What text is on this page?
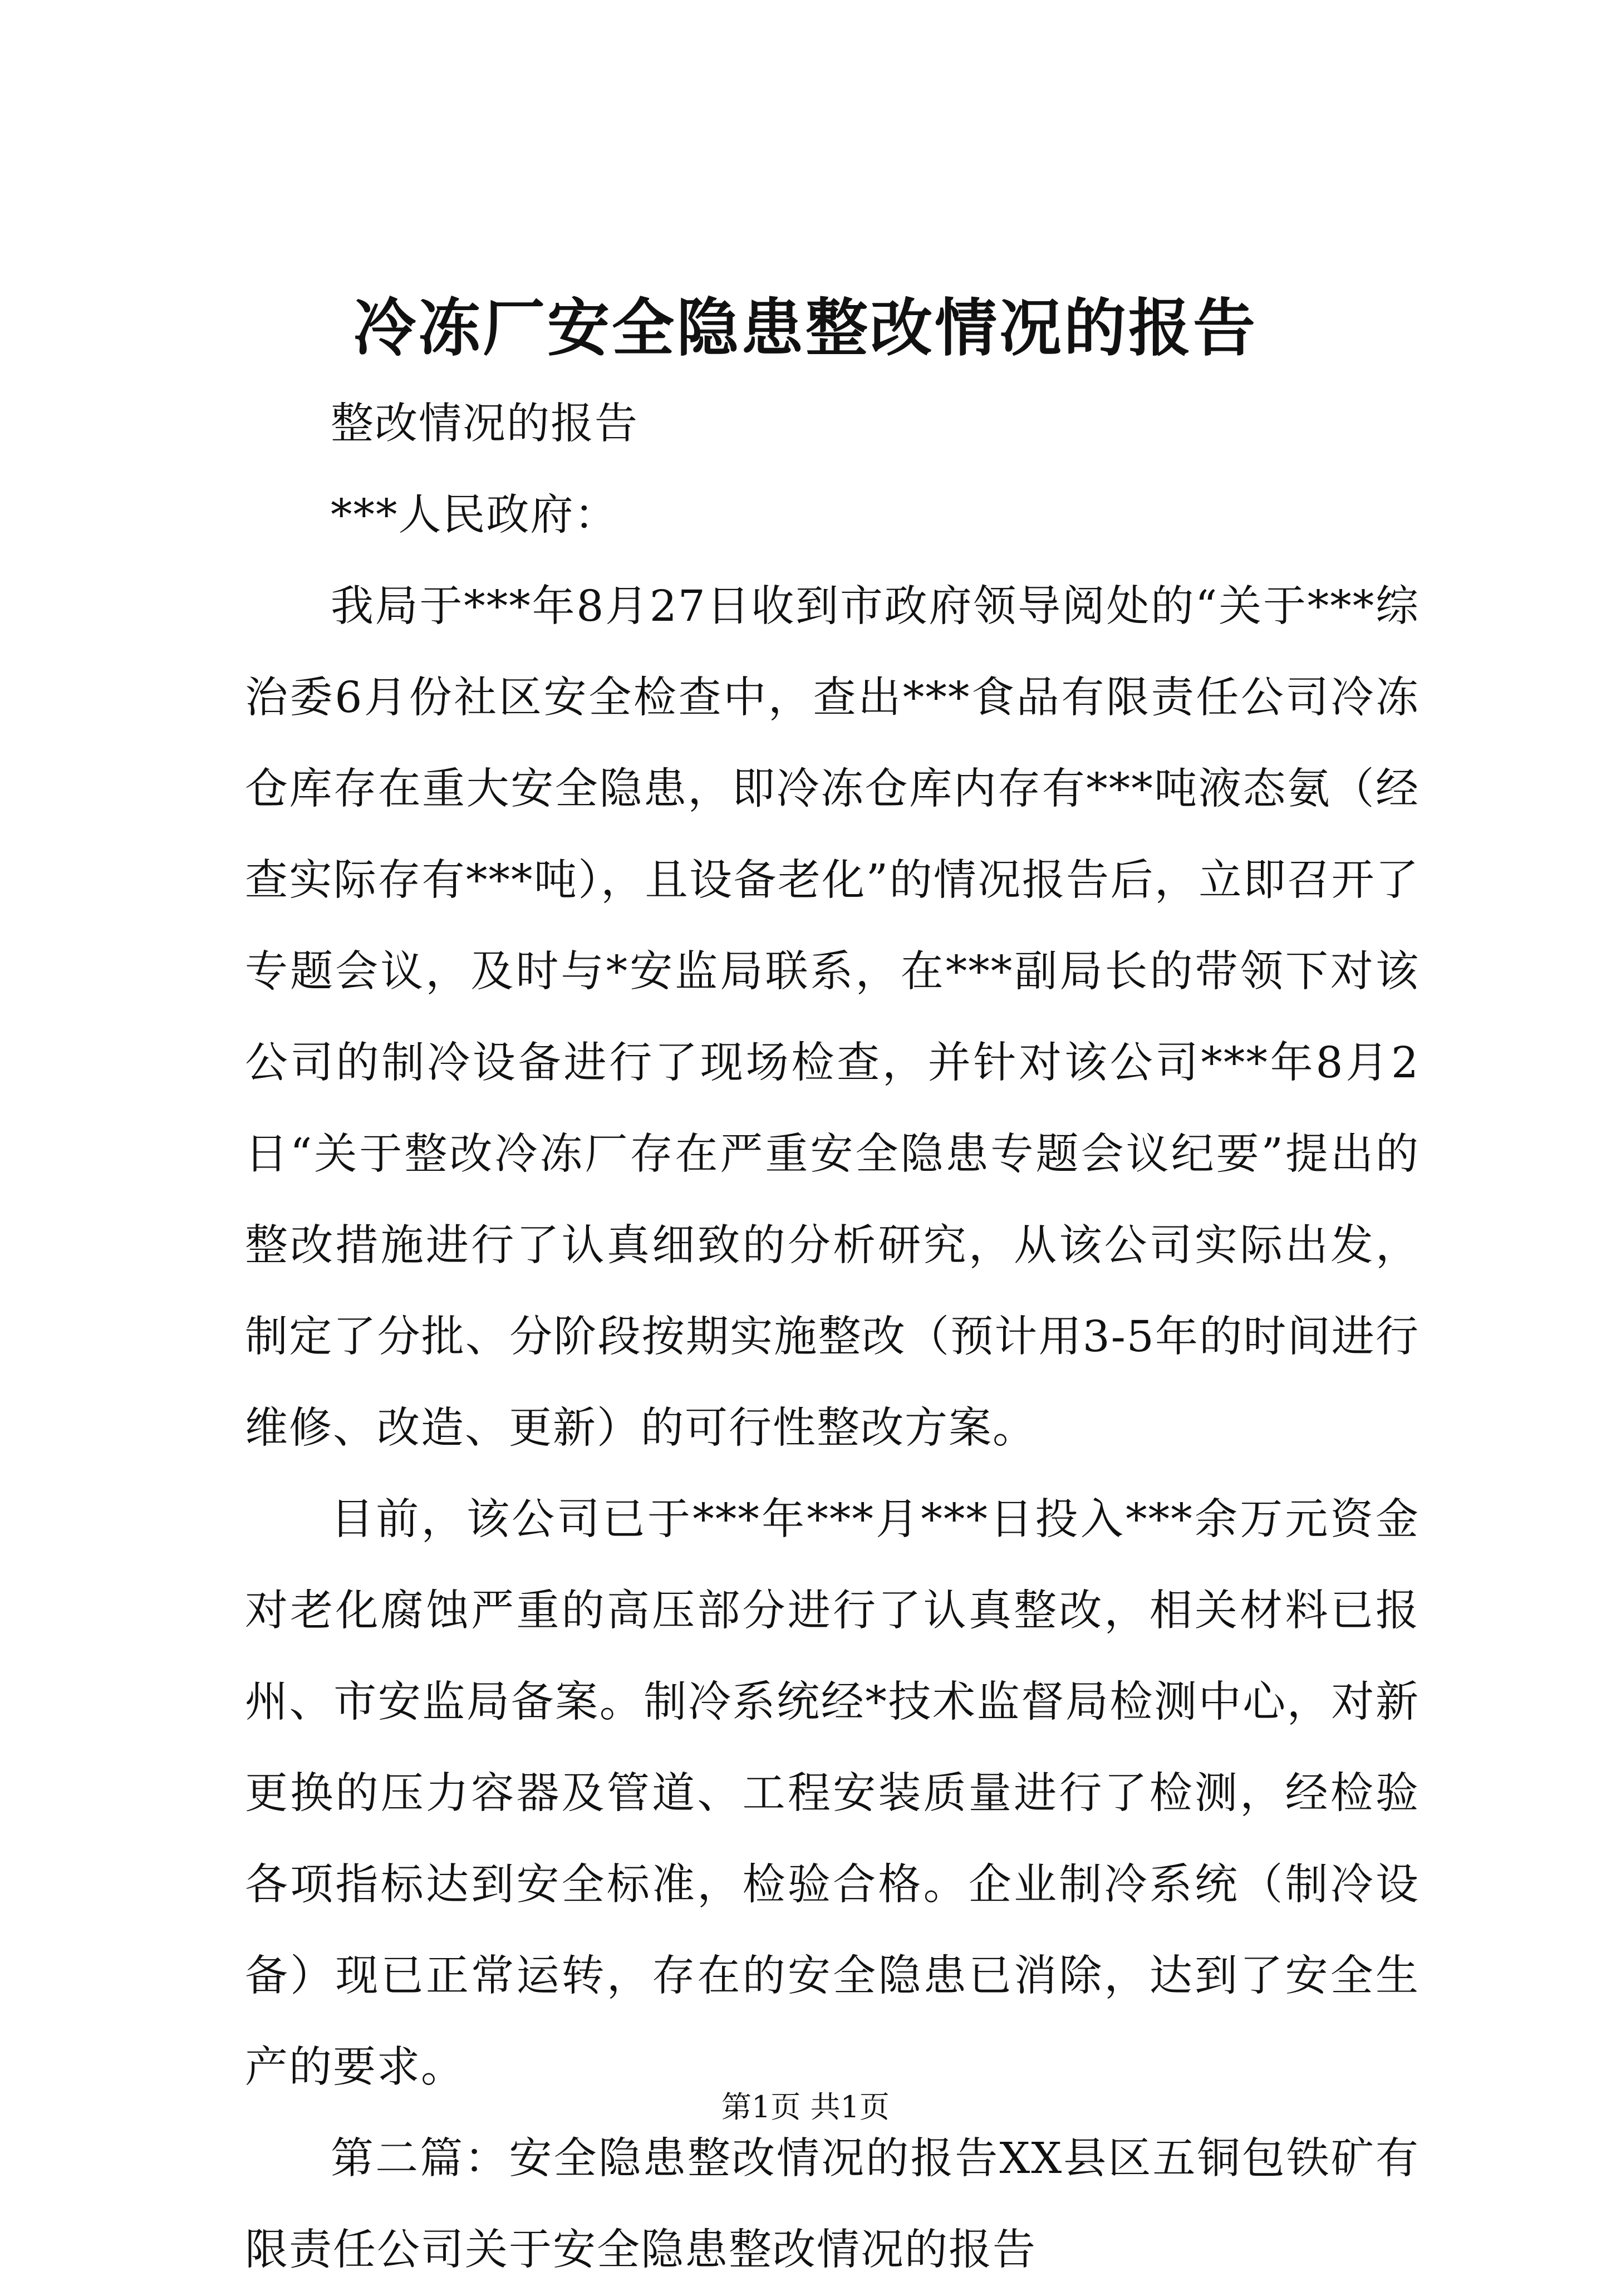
冷冻厂安全隐患整改情况的报告

整改情况的报告

***人民政府：

我局于***年8月27日收到市政府领导阅处的“关于***综治委6月份社区安全检查中，查出***食品有限责任公司冷冻仓库存在重大安全隐患，即冷冻仓库内存有***吨液态氨（经查实际存有***吨），且设备老化”的情况报告后，立即召开了专题会议，及时与*安监局联系，在***副局长的带领下对该公司的制冷设备进行了现场检查，并针对该公司***年8月2日“关于整改冷冻厂存在严重安全隐患专题会议纪要”提出的整改措施进行了认真细致的分析研究，从该公司实际出发，制定了分批、分阶段按期实施整改（预计用3-5年的时间进行维修、改造、更新）的可行性整改方案。

目前，该公司已于***年***月***日投入***余万元资金对老化腐蚀严重的高压部分进行了认真整改，相关材料已报州、市安监局备案。制冷系统经*技术监督局检测中心，对新更换的压力容器及管道、工程安装质量进行了检测，经检验各项指标达到安全标准，检验合格。企业制冷系统（制冷设备）现已正常运转，存在的安全隐患已消除，达到了安全生产的要求。

第二篇：安全隐患整改情况的报告XX县区五铜包铁矿有限责任公司关于安全隐患整改情况的报告

第1页 共1页
